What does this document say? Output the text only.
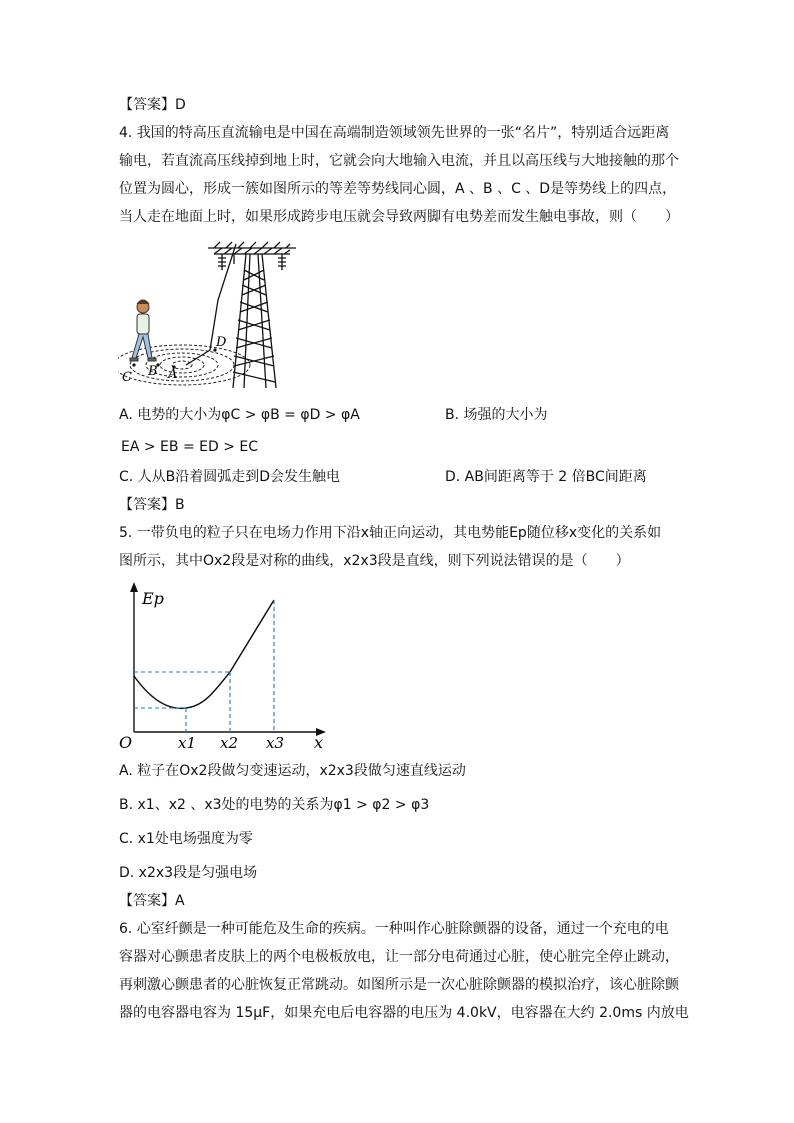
【答案】D
4. 我国的特高压直流输电是中国在高端制造领域领先世界的一张“名片”，特别适合远距离
输电，若直流高压线掉到地上时，它就会向大地输入电流，并且以高压线与大地接触的那个
位置为圆心，形成一簇如图所示的等差等势线同心圆，A 、B 、C 、D是等势线上的四点，
当人走在地面上时，如果形成跨步电压就会导致两脚有电势差而发生触电事故，则（　　）
C B A
D
A. 电势的大小为φC > φB = φD > φA	B. 场强的大小为
EA > EB = ED > EC
C. 人从B沿着圆弧走到D会发生触电	D. AB间距离等于 2 倍BC间距离
【答案】B
5. 一带负电的粒子只在电场力作用下沿x轴正向运动，其电势能Ep随位移x变化的关系如
图所示，其中Ox2段是对称的曲线，x2x3段是直线，则下列说法错误的是（　　）
Ep
O	x1 x2 x3 x
A. 粒子在Ox2段做匀变速运动，x2x3段做匀速直线运动
B. x1、x2 、x3处的电势的关系为φ1 > φ2 > φ3
C. x1处电场强度为零
D. x2x3段是匀强电场
【答案】A
6. 心室纤颤是一种可能危及生命的疾病。一种叫作心脏除颤器的设备，通过一个充电的电
容器对心颤患者皮肤上的两个电极板放电，让一部分电荷通过心脏，使心脏完全停止跳动，
再刺激心颤患者的心脏恢复正常跳动。如图所示是一次心脏除颤器的模拟治疗，该心脏除颤
器的电容器电容为 15μF，如果充电后电容器的电压为 4.0kV，电容器在大约 2.0ms 内放电
